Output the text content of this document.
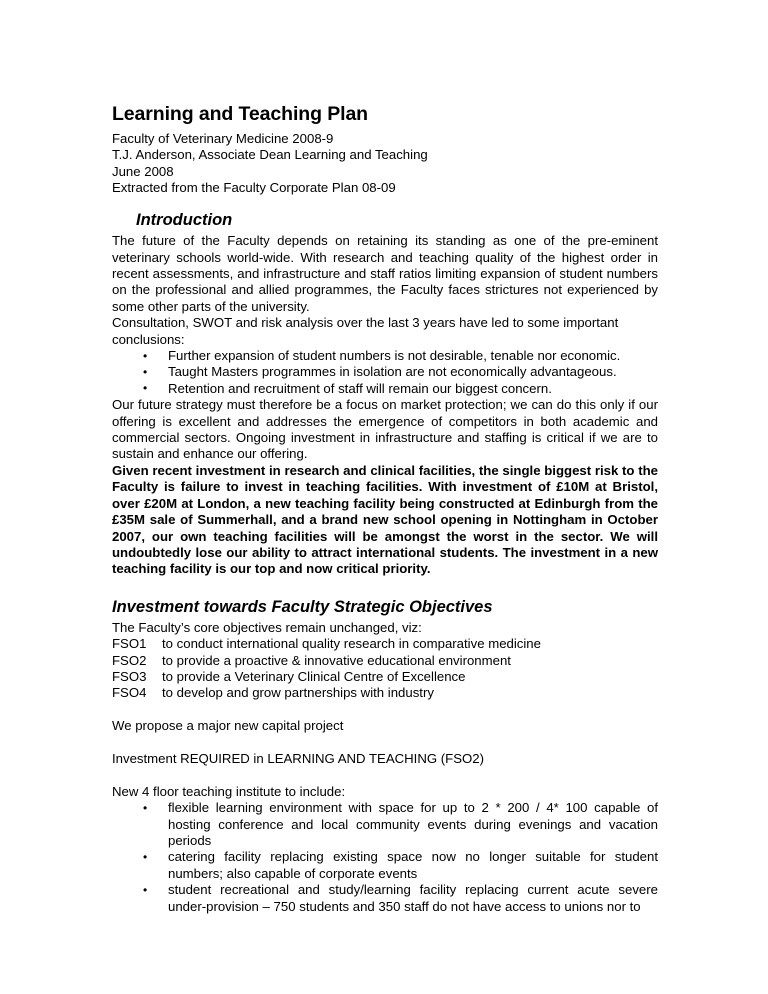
Learning and Teaching Plan

Faculty of Veterinary Medicine 2008-9

T.J. Anderson, Associate Dean Learning and Teaching

June 2008

Extracted from the Faculty Corporate Plan 08-09

Introduction

The future of the Faculty depends on retaining its standing as one of the pre-eminent veterinary schools world-wide. With research and teaching quality of the highest order in recent assessments, and infrastructure and staff ratios limiting expansion of student numbers on the professional and allied programmes, the Faculty faces strictures not experienced by some other parts of the university.

Consultation, SWOT and risk analysis over the last 3 years have led to some important conclusions:

• Further expansion of student numbers is not desirable, tenable nor economic.
• Taught Masters programmes in isolation are not economically advantageous.
• Retention and recruitment of staff will remain our biggest concern.

Our future strategy must therefore be a focus on market protection; we can do this only if our offering is excellent and addresses the emergence of competitors in both academic and commercial sectors. Ongoing investment in infrastructure and staffing is critical if we are to sustain and enhance our offering.

Given recent investment in research and clinical facilities, the single biggest risk to the Faculty is failure to invest in teaching facilities. With investment of £10M at Bristol, over £20M at London, a new teaching facility being constructed at Edinburgh from the £35M sale of Summerhall, and a brand new school opening in Nottingham in October 2007, our own teaching facilities will be amongst the worst in the sector. We will undoubtedly lose our ability to attract international students. The investment in a new teaching facility is our top and now critical priority.

Investment towards Faculty Strategic Objectives

The Faculty’s core objectives remain unchanged, viz:

FSO1 to conduct international quality research in comparative medicine

FSO2 to provide a proactive & innovative educational environment

FSO3 to provide a Veterinary Clinical Centre of Excellence

FSO4 to develop and grow partnerships with industry

We propose a major new capital project

Investment REQUIRED in LEARNING AND TEACHING (FSO2)

New 4 floor teaching institute to include:

• flexible learning environment with space for up to 2 * 200 / 4* 100 capable of hosting conference and local community events during evenings and vacation periods
• catering facility replacing existing space now no longer suitable for student numbers; also capable of corporate events
• student recreational and study/learning facility replacing current acute severe under-provision – 750 students and 350 staff do not have access to unions nor to
